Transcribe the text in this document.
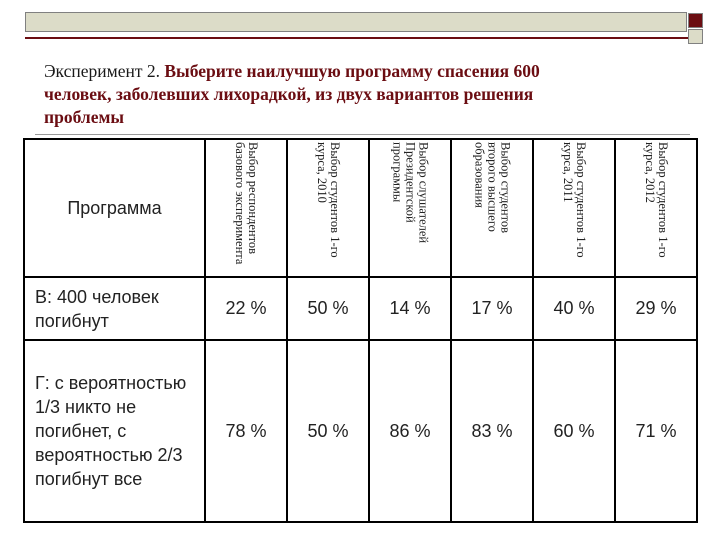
Эксперимент 2. Выберите наилучшую программу спасения 600
человек, заболевших лихорадкой, из двух вариантов решения
проблемы
Программа	Выбор респондентов базового эксперимента	Выбор студентов 1-го курса, 2010	Выбор слушателей Президентской программы	Выбор студентов второго высшего образования	Выбор студентов 1-го курса, 2011	Выбор студентов 1-го курса, 2012
В: 400 человек
погибнут	22 %	50 %	14 %	17 %	40 %	29 %
Г: с вероятностью
1/3 никто не
погибнет, с
вероятностью 2/3
погибнут все	78 %	50 %	86 %	83 %	60 %	71 %
